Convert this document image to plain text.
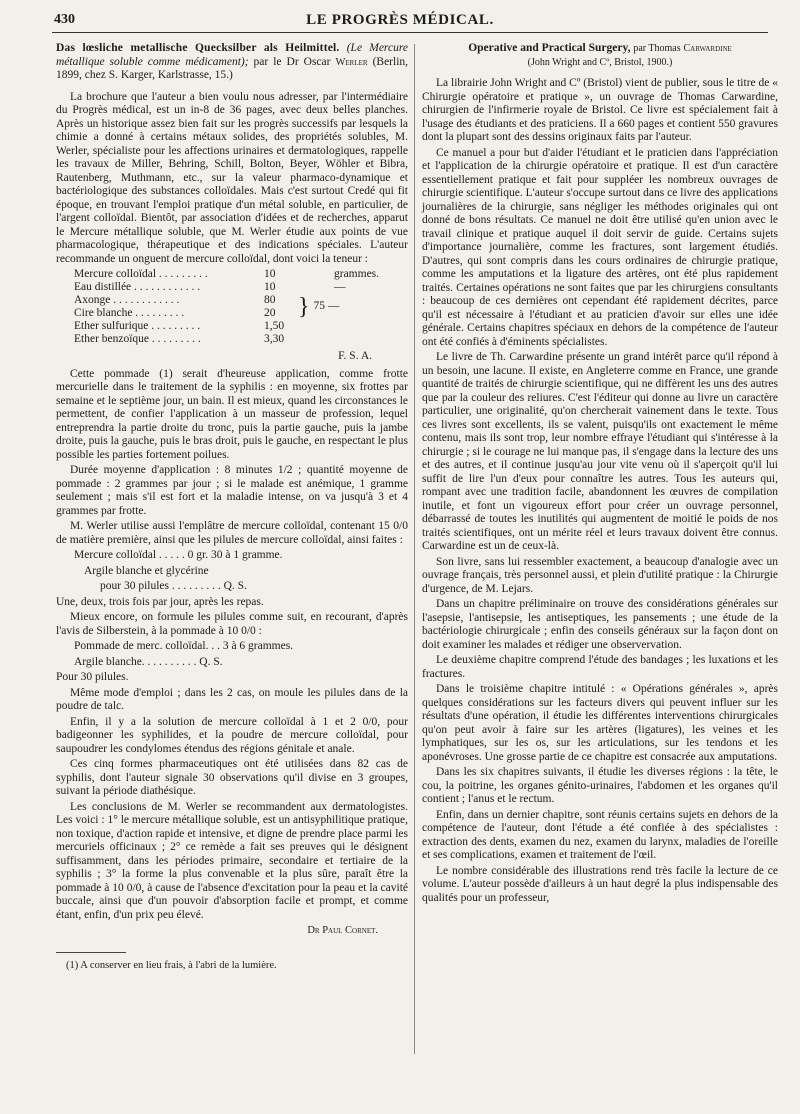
430	LE PROGRÈS MÉDICAL.

Das lœsliche metallische Quecksilber als Heilmittel. (Le Mercure métallique soluble comme médicament); par le Dr Oscar Werler (Berlin, 1899, chez S. Karger, Karlstrasse, 15.)

La brochure que l'auteur a bien voulu nous adresser, par l'intermédiaire du Progrès médical, est un in-8 de 36 pages, avec deux belles planches. Après un historique assez bien fait sur les progrès successifs par lesquels la chimie a donné à certains métaux solides, des propriétés solubles, M. Werler, spécialiste pour les affections urinaires et dermatologiques, rappelle les travaux de Miller, Behring, Schill, Bolton, Beyer, Wöhler et Bibra, Rautenberg, Muthmann, etc., sur la valeur pharmaco-dynamique et bactériologique des substances colloïdales. Mais c'est surtout Credé qui fit époque, en trouvant l'emploi pratique d'un métal soluble, en particulier, de l'argent colloïdal. Bientôt, par association d'idées et de recherches, apparut le Mercure métallique soluble, que M. Werler étudie aux points de vue pharmacologique, thérapeutique et des indications spéciales. L'auteur recommande un onguent de mercure colloïdal, dont voici la teneur :

Mercure colloïdal . . . . . . . . .	10	grammes.
Eau distillée . . . . . . . . . . . .	10	—
Axonge . . . . . . . . . . . .	80
Cire blanche . . . . . . . . .	20 } 75 —
Ether sulfurique . . . . . . . . .	1,50
Ether benzoïque . . . . . . . . .	3,30

F. S. A.

Cette pommade (1) serait d'heureuse application, comme frotte mercurielle dans le traitement de la syphilis : en moyenne, six frottes par semaine et le septième jour, un bain. Il est mieux, quand les circonstances le permettent, de confier l'application à un masseur de profession, lequel entreprendra la partie droite du tronc, puis la partie gauche, puis la jambe droite, puis la gauche, puis le bras droit, puis le gauche, en respectant le plus possible les parties fortement poilues.

Durée moyenne d'application : 8 minutes 1/2 ; quantité moyenne de pommade : 2 grammes par jour ; si le malade est anémique, 1 gramme seulement ; mais s'il est fort et la maladie intense, on va jusqu'à 3 et 4 grammes par frotte.

M. Werler utilise aussi l'emplâtre de mercure colloïdal, contenant 15 0/0 de matière première, ainsi que les pilules de mercure colloïdal, ainsi faites :

Mercure colloïdal . . . . . 0 gr. 30 à 1 gramme.

Argile blanche et glycérine

pour 30 pilules . . . . . . . . . Q. S.

Une, deux, trois fois par jour, après les repas.

Mieux encore, on formule les pilules comme suit, en recourant, d'après l'avis de Silberstein, à la pommade à 10 0/0 :

Pommade de merc. colloïdal. . . 3 à 6 grammes.

Argile blanche. . . . . . . . . . Q. S.

Pour 30 pilules.

Même mode d'emploi ; dans les 2 cas, on moule les pilules dans de la poudre de talc.

Enfin, il y a la solution de mercure colloïdal à 1 et 2 0/0, pour badigeonner les syphilides, et la poudre de mercure colloïdal, pour saupoudrer les condylomes étendus des régions génitale et anale.

Ces cinq formes pharmaceutiques ont été utilisées dans 82 cas de syphilis, dont l'auteur signale 30 observations qu'il divise en 3 groupes, suivant la période diathésique.

Les conclusions de M. Werler se recommandent aux dermatologistes. Les voici : 1° le mercure métallique soluble, est un antisyphilitique pratique, non toxique, d'action rapide et intensive, et digne de prendre place parmi les mercuriels officinaux ; 2° ce remède a fait ses preuves qui le désignent suffisamment, dans les périodes primaire, secondaire et tertiaire de la syphilis ; 3° la forme la plus convenable et la plus sûre, paraît être la pommade à 10 0/0, à cause de l'absence d'excitation pour la peau et la cavité buccale, ainsi que d'un pouvoir d'absorption facile et prompt, et comme étant, enfin, d'un prix peu élevé.

Dr Paul Cornet.

(1) A conserver en lieu frais, à l'abri de la lumière.

Operative and Practical Surgery, par Thomas Carwardine
(John Wright and Cº, Bristol, 1900.)

La librairie John Wright and Cº (Bristol) vient de publier, sous le titre de « Chirurgie opératoire et pratique », un ouvrage de Thomas Carwardine, chirurgien de l'infirmerie royale de Bristol. Ce livre est spécialement fait à l'usage des étudiants et des praticiens. Il a 660 pages et contient 550 gravures dont la plupart sont des dessins originaux faits par l'auteur.

Ce manuel a pour but d'aider l'étudiant et le praticien dans l'appréciation et l'application de la chirurgie opératoire et pratique. Il est d'un caractère essentiellement pratique et fait pour suppléer les nombreux ouvrages de chirurgie scientifique. L'auteur s'occupe surtout dans ce livre des applications journalières de la chirurgie, sans négliger les méthodes originales qui ont donné de bons résultats. Ce manuel ne doit être utilisé qu'en union avec le travail clinique et pratique auquel il doit servir de guide. Certains sujets d'importance journalière, comme les fractures, sont largement étudiés. D'autres, qui sont compris dans les cours ordinaires de chirurgie pratique, comme les amputations et la ligature des artères, ont été plus rapidement traités. Certaines opérations ne sont faites que par les chirurgiens consultants : beaucoup de ces dernières ont cependant été rapidement décrites, parce qu'il est nécessaire à l'étudiant et au praticien d'avoir sur elles une idée générale. Certains chapitres spéciaux en dehors de la compétence de l'auteur ont été confiés à d'éminents spécialistes.

Le livre de Th. Carwardine présente un grand intérêt parce qu'il répond à un besoin, une lacune. Il existe, en Angleterre comme en France, une grande quantité de traités de chirurgie scientifique, qui ne diffèrent les uns des autres que par la couleur des reliures. C'est l'éditeur qui donne au livre un caractère particulier, une originalité, qu'on chercherait vainement dans le texte. Tous ces livres sont excellents, ils se valent, puisqu'ils ont exactement le même contenu, mais ils sont trop, leur nombre effraye l'étudiant qui s'intéresse à la chirurgie ; si le courage ne lui manque pas, il s'engage dans la lecture des uns et des autres, et il continue jusqu'au jour vite venu où il s'aperçoit qu'il lui suffit de lire l'un d'eux pour connaître les autres. Tous les auteurs qui, rompant avec une tradition facile, abandonnent les œuvres de compilation inutile, et font un vigoureux effort pour créer un ouvrage personnel, débarrassé de toutes les inutilités qui augmentent de moitié le poids de nos traités scientifiques, ont un mérite réel et leurs travaux doivent être connus. Carwardine est un de ceux-là.

Son livre, sans lui ressembler exactement, a beaucoup d'analogie avec un ouvrage français, très personnel aussi, et plein d'utilité pratique : la Chirurgie d'urgence, de M. Lejars.

Dans un chapitre préliminaire on trouve des considérations générales sur l'asepsie, l'antisepsie, les antiseptiques, les pansements ; une étude de la bactériologie chirurgicale ; enfin des conseils généraux sur la façon dont on doit examiner les malades et rédiger une observervation.

Le deuxième chapitre comprend l'étude des bandages ; les luxations et les fractures.

Dans le troisième chapitre intitulé : « Opérations générales », après quelques considérations sur les facteurs divers qui peuvent influer sur les résultats d'une opération, il étudie les différentes interventions chirurgicales qu'on peut avoir à faire sur les artères (ligatures), les veines et les lymphatiques, sur les os, sur les articulations, sur les tendons et les aponévroses. Une grosse partie de ce chapitre est consacrée aux amputations.

Dans les six chapitres suivants, il étudie les diverses régions : la tête, le cou, la poitrine, les organes génito-urinaires, l'abdomen et les organes qu'il contient ; l'anus et le rectum.

Enfin, dans un dernier chapitre, sont réunis certains sujets en dehors de la compétence de l'auteur, dont l'étude a été confiée à des spécialistes : extraction des dents, examen du nez, examen du larynx, maladies de l'oreille et ses complications, examen et traitement de l'œil.

Le nombre considérable des illustrations rend très facile la lecture de ce volume. L'auteur possède d'ailleurs à un haut degré la plus indispensable des qualités pour un professeur,
